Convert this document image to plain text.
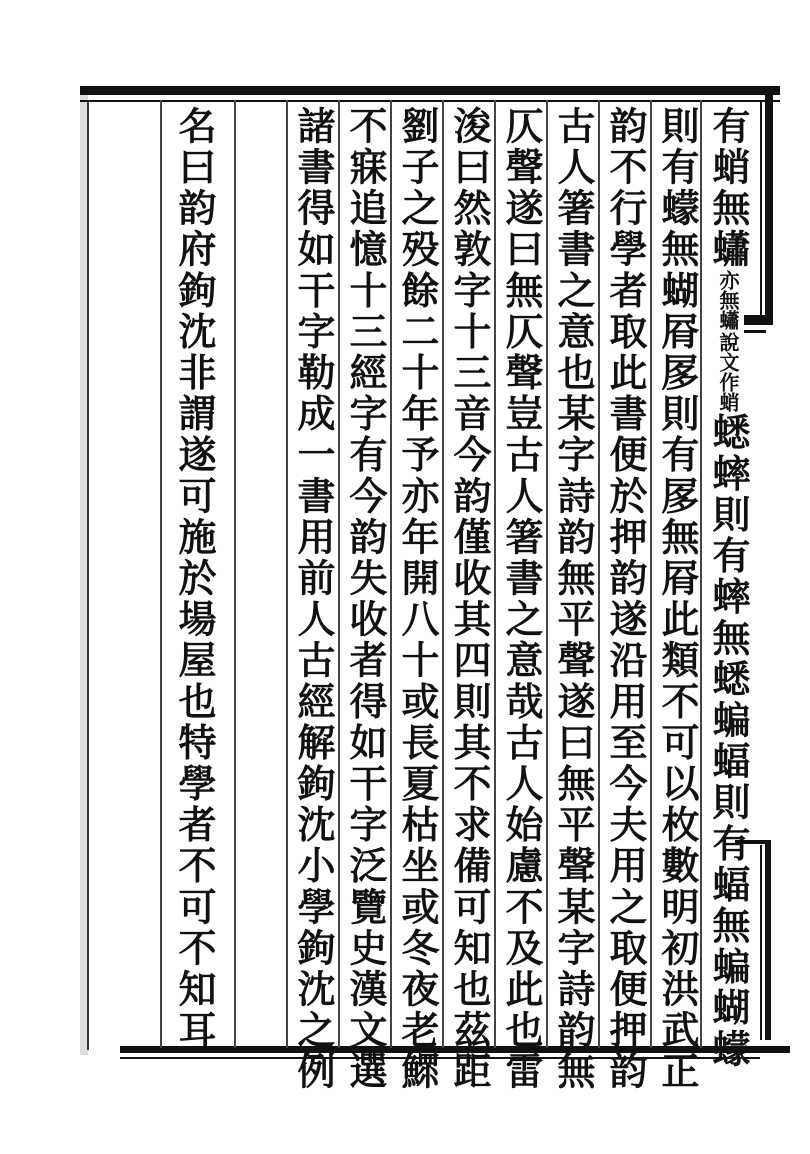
有蛸無蠨
說文作蛸
亦無蠨
蟋蟀則有蟀無蟋蝙蝠則有蝠無蝙蝴蠓
則有蠓無蝴㞕㞔則有㞔無㞕此類不可以枚數明初洪武正
韵不行學者取此書便於押韵遂沿用至今夫用之取便押韵
古人箸書之意也某字詩韵無平聲遂曰無平聲某字詩韵無
仄聲遂曰無仄聲豈古人箸書之意哉古人始慮不及此也雷
浚曰然敦字十三音今韵僅收其四則其不求備可知也茲距
劉子之殁餘二十年予亦年開八十或長夏枯坐或冬夜老鰥
不寐追憶十三經字有今韵失收者得如干字泛覽史漢文選
諸書得如干字勒成一書用前人古經解鉤沈小學鉤沈之例
名曰韵府鉤沈非謂遂可施於場屋也特學者不可不知耳
